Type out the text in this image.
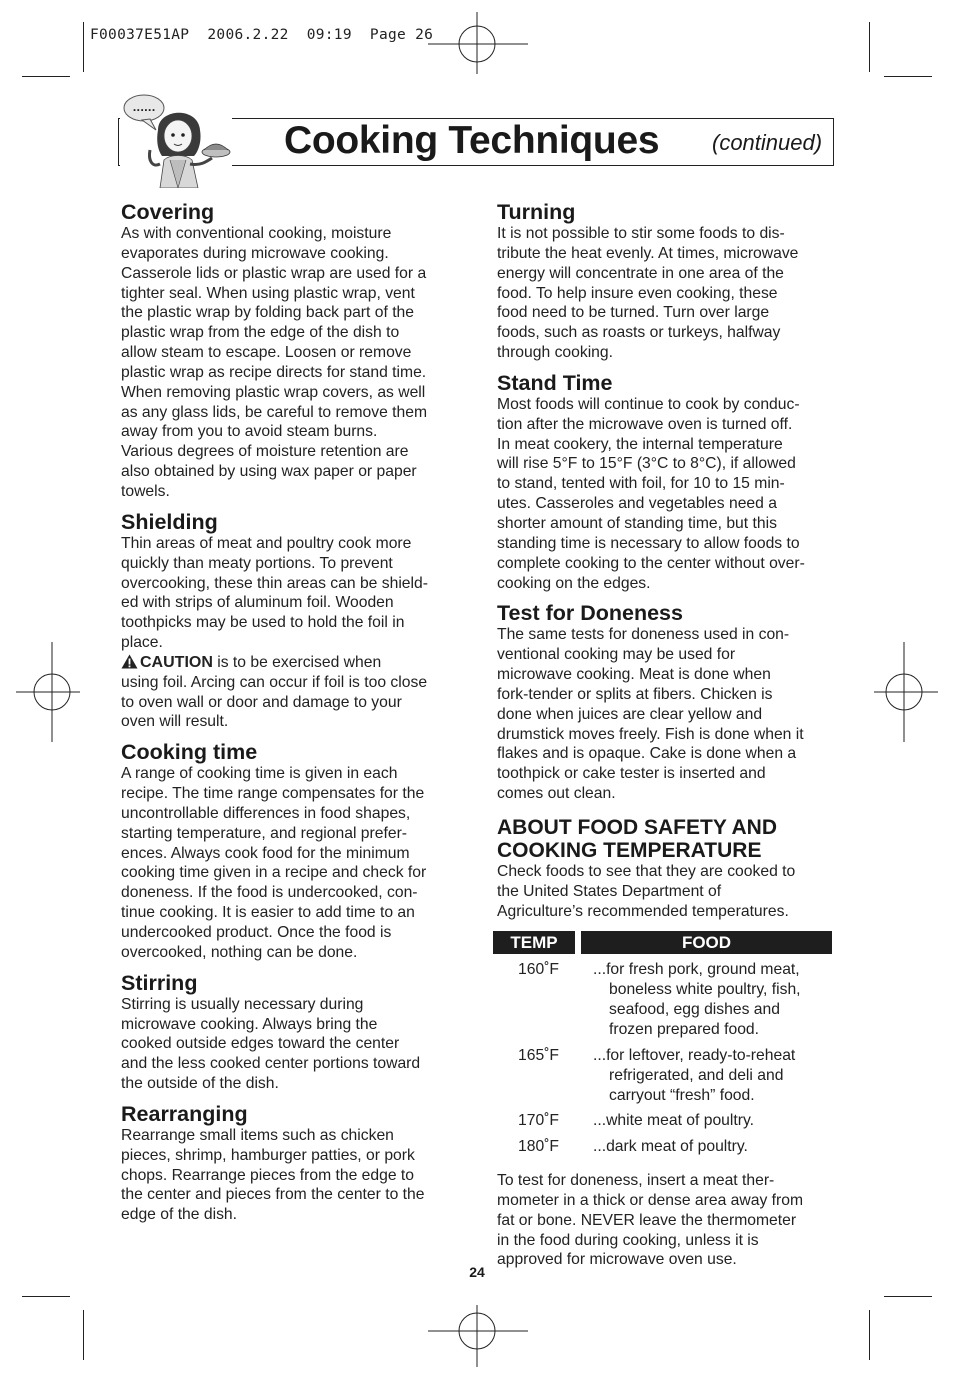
F00037E51AP  2006.2.22  09:19  Page 26
......
Cooking Techniques (continued)
Covering

As with conventional cooking, moisture
evaporates during microwave cooking.
Casserole lids or plastic wrap are used for a
tighter seal. When using plastic wrap, vent
the plastic wrap by folding back part of the
plastic wrap from the edge of the dish to
allow steam to escape. Loosen or remove
plastic wrap as recipe directs for stand time.
When removing plastic wrap covers, as well
as any glass lids, be careful to remove them
away from you to avoid steam burns.
Various degrees of moisture retention are
also obtained by using wax paper or paper
towels.

Shielding

Thin areas of meat and poultry cook more
quickly than meaty portions. To prevent
overcooking, these thin areas can be shield-
ed with strips of aluminum foil. Wooden
toothpicks may be used to hold the foil in
place.

CAUTION is to be exercised when
using foil. Arcing can occur if foil is too close
to oven wall or door and damage to your
oven will result.

Cooking time

A range of cooking time is given in each
recipe. The time range compensates for the
uncontrollable differences in food shapes,
starting temperature, and regional prefer-
ences. Always cook food for the minimum
cooking time given in a recipe and check for
doneness. If the food is undercooked, con-
tinue cooking. It is easier to add time to an
undercooked product. Once the food is
overcooked, nothing can be done.

Stirring

Stirring is usually necessary during
microwave cooking. Always bring the
cooked outside edges toward the center
and the less cooked center portions toward
the outside of the dish.

Rearranging

Rearrange small items such as chicken
pieces, shrimp, hamburger patties, or pork
chops. Rearrange pieces from the edge to
the center and pieces from the center to the
edge of the dish.

Turning

It is not possible to stir some foods to dis-
tribute the heat evenly. At times, microwave
energy will concentrate in one area of the
food. To help insure even cooking, these
food need to be turned. Turn over large
foods, such as roasts or turkeys, halfway
through cooking.

Stand Time

Most foods will continue to cook by conduc-
tion after the microwave oven is turned off.
In meat cookery, the internal temperature
will rise 5°F to 15°F (3°C to 8°C), if allowed
to stand, tented with foil, for 10 to 15 min-
utes. Casseroles and vegetables need a
shorter amount of standing time, but this
standing time is necessary to allow foods to
complete cooking to the center without over-
cooking on the edges.

Test for Doneness

The same tests for doneness used in con-
ventional cooking may be used for
microwave cooking. Meat is done when
fork-tender or splits at fibers. Chicken is
done when juices are clear yellow and
drumstick moves freely. Fish is done when it
flakes and is opaque. Cake is done when a
toothpick or cake tester is inserted and
comes out clean.

ABOUT FOOD SAFETY AND
COOKING TEMPERATURE

Check foods to see that they are cooked to
the United States Department of
Agriculture’s recommended temperatures.

TEMP	FOOD
160˚F	...for fresh pork, ground meat,
boneless white poultry, fish,
seafood, egg dishes and
frozen prepared food.
165˚F	...for leftover, ready-to-reheat
refrigerated, and deli and
carryout “fresh” food.
170˚F	...white meat of poultry.
180˚F	...dark meat of poultry.

To test for doneness, insert a meat ther-
mometer in a thick or dense area away from
fat or bone. NEVER leave the thermometer
in the food during cooking, unless it is
approved for microwave oven use.

24
